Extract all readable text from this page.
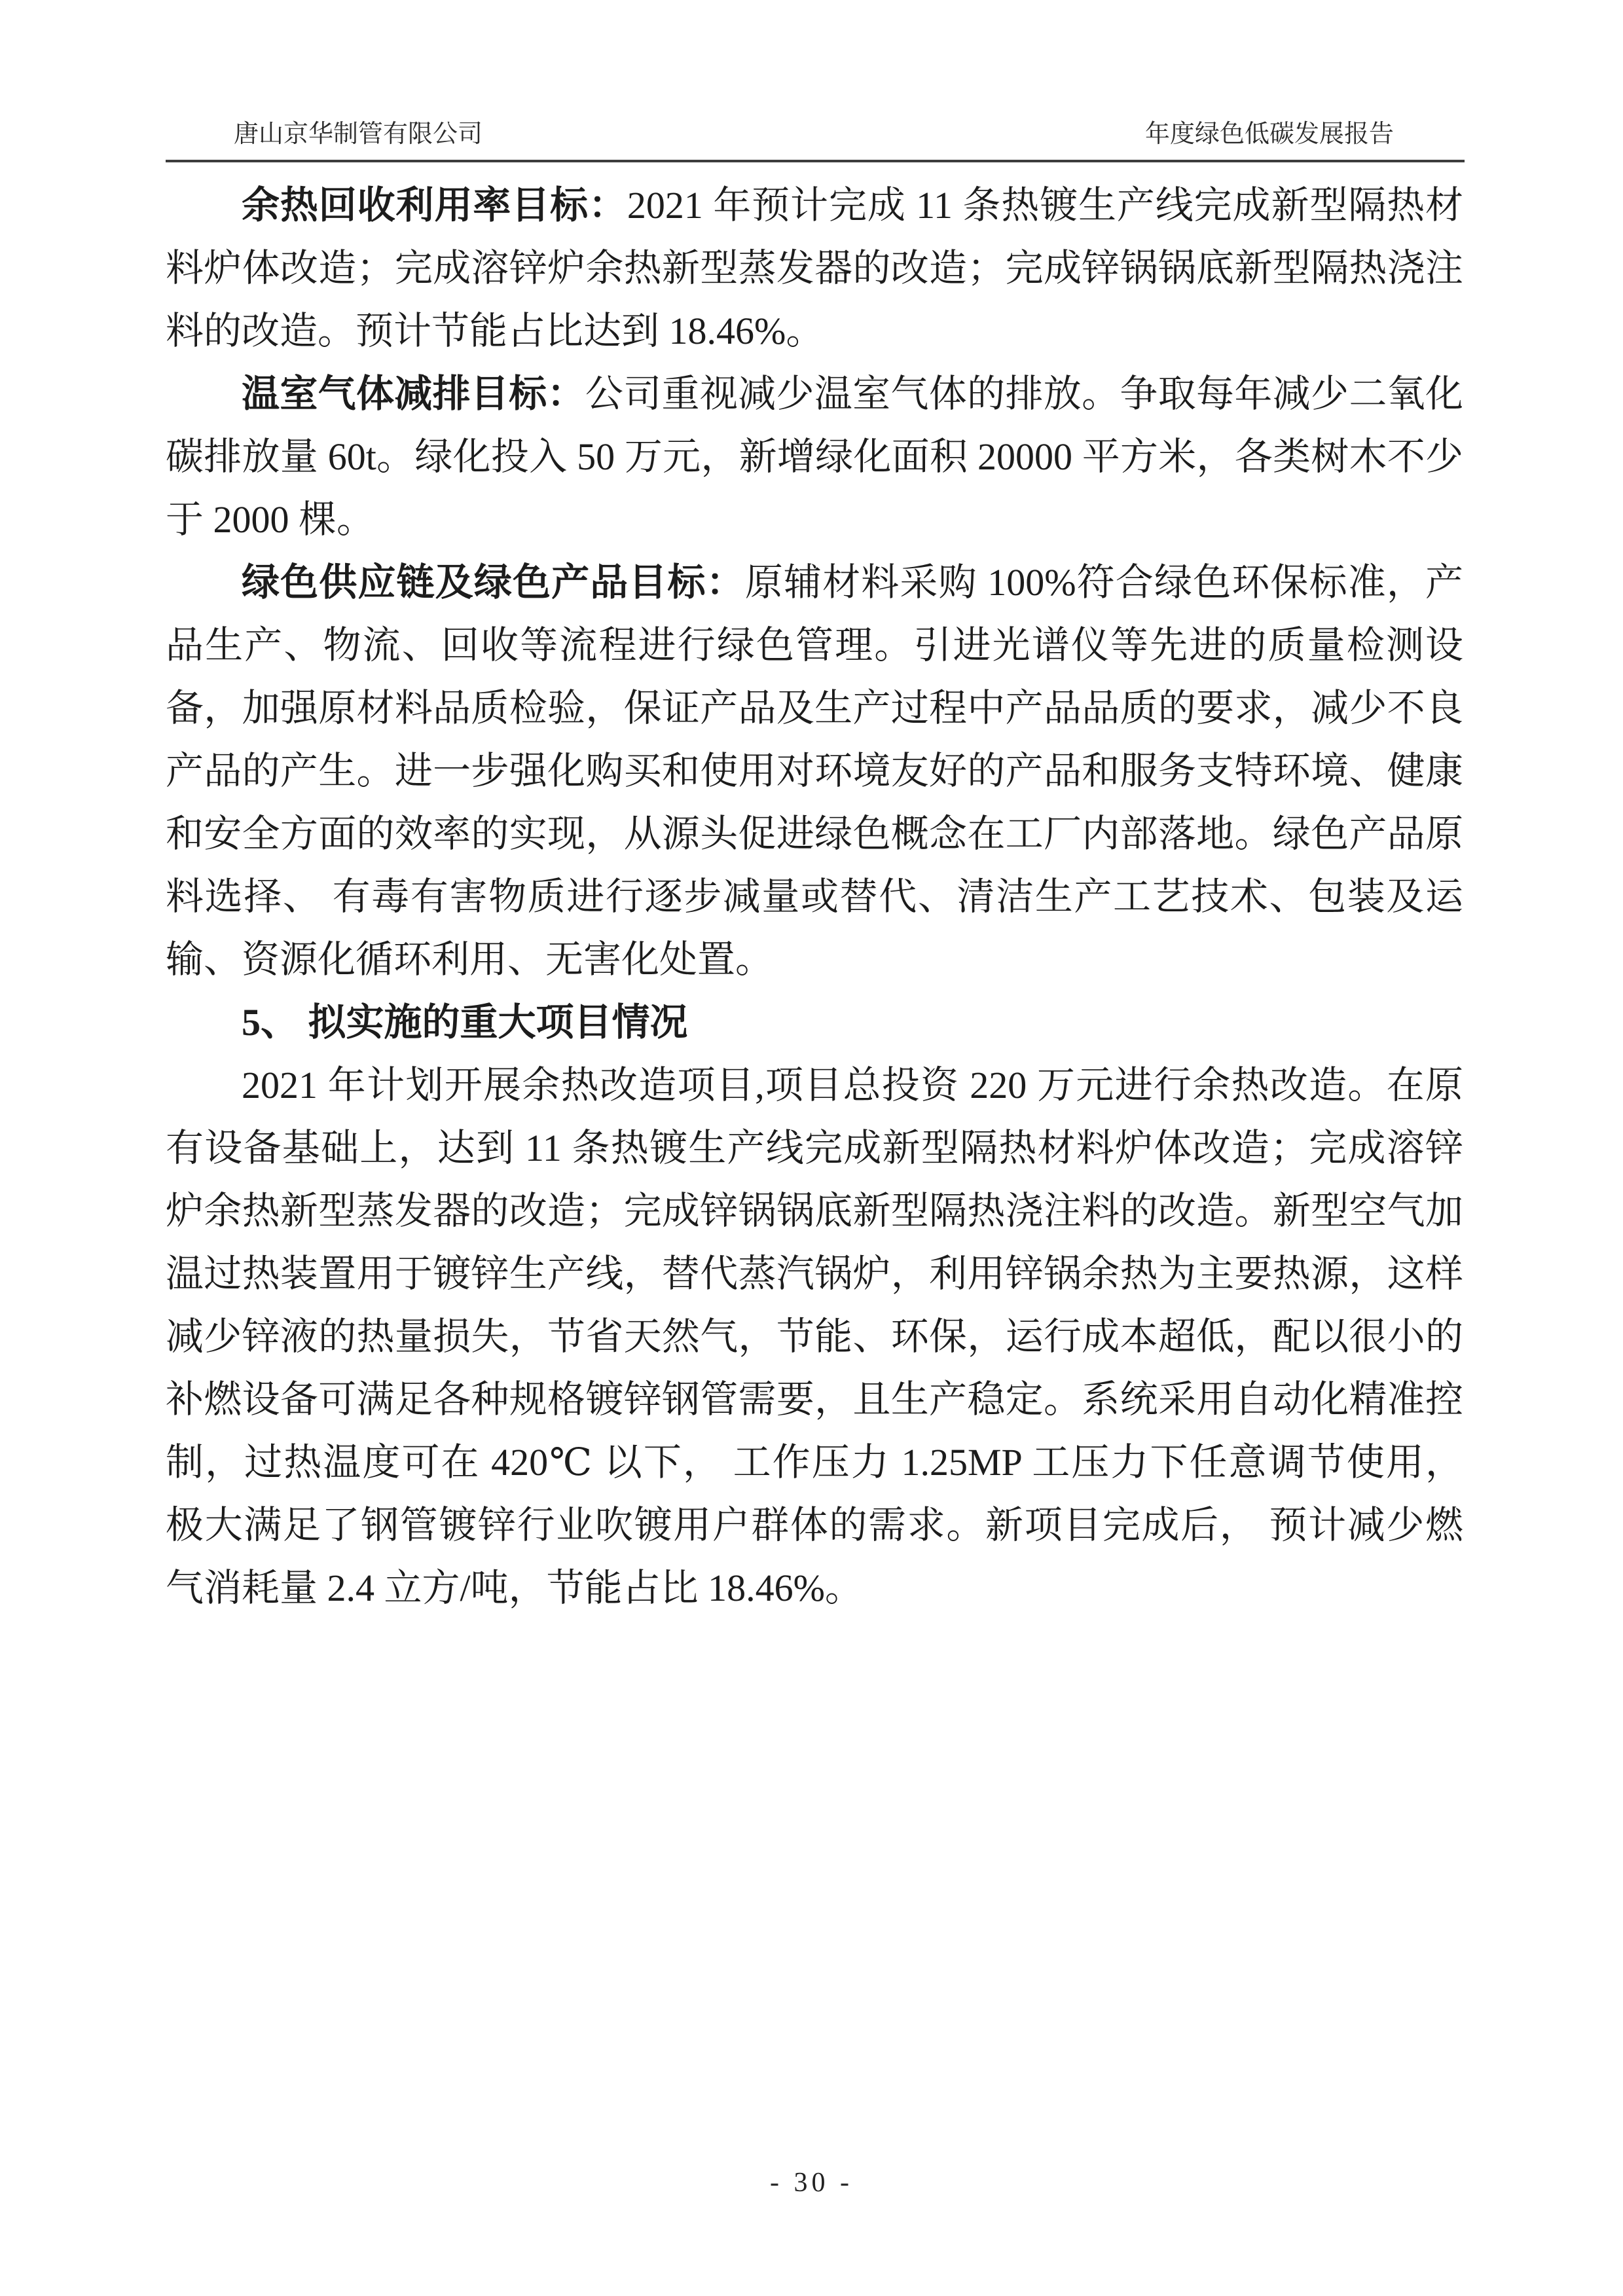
唐山京华制管有限公司	年度绿色低碳发展报告

余热回收利用率目标：2021 年预计完成 11 条热镀生产线完成新型隔热材料炉体改造；完成溶锌炉余热新型蒸发器的改造；完成锌锅锅底新型隔热浇注料的改造。预计节能占比达到 18.46%。

温室气体减排目标：公司重视减少温室气体的排放。争取每年减少二氧化碳排放量 60t。绿化投入 50 万元，新增绿化面积 20000 平方米，各类树木不少于 2000 棵。

绿色供应链及绿色产品目标：原辅材料采购 100%符合绿色环保标准，产品生产、物流、回收等流程进行绿色管理。引进光谱仪等先进的质量检测设备，加强原材料品质检验，保证产品及生产过程中产品品质的要求，减少不良产品的产生。进一步强化购买和使用对环境友好的产品和服务支特环境、健康和安全方面的效率的实现，从源头促进绿色概念在工厂内部落地。绿色产品原料选择、 有毒有害物质进行逐步减量或替代、清洁生产工艺技术、包装及运输、资源化循环利用、无害化处置。

5、 拟实施的重大项目情况

2021 年计划开展余热改造项目,项目总投资 220 万元进行余热改造。在原有设备基础上，达到 11 条热镀生产线完成新型隔热材料炉体改造；完成溶锌炉余热新型蒸发器的改造；完成锌锅锅底新型隔热浇注料的改造。新型空气加温过热装置用于镀锌生产线，替代蒸汽锅炉，利用锌锅余热为主要热源，这样减少锌液的热量损失，节省天然气，节能、环保，运行成本超低，配以很小的补燃设备可满足各种规格镀锌钢管需要，且生产稳定。系统采用自动化精准控制，过热温度可在 420℃ 以下， 工作压力 1.25MP 工压力下任意调节使用， 极大满足了钢管镀锌行业吹镀用户群体的需求。新项目完成后， 预计减少燃气消耗量 2.4 立方/吨，节能占比 18.46%。

- 30 -
